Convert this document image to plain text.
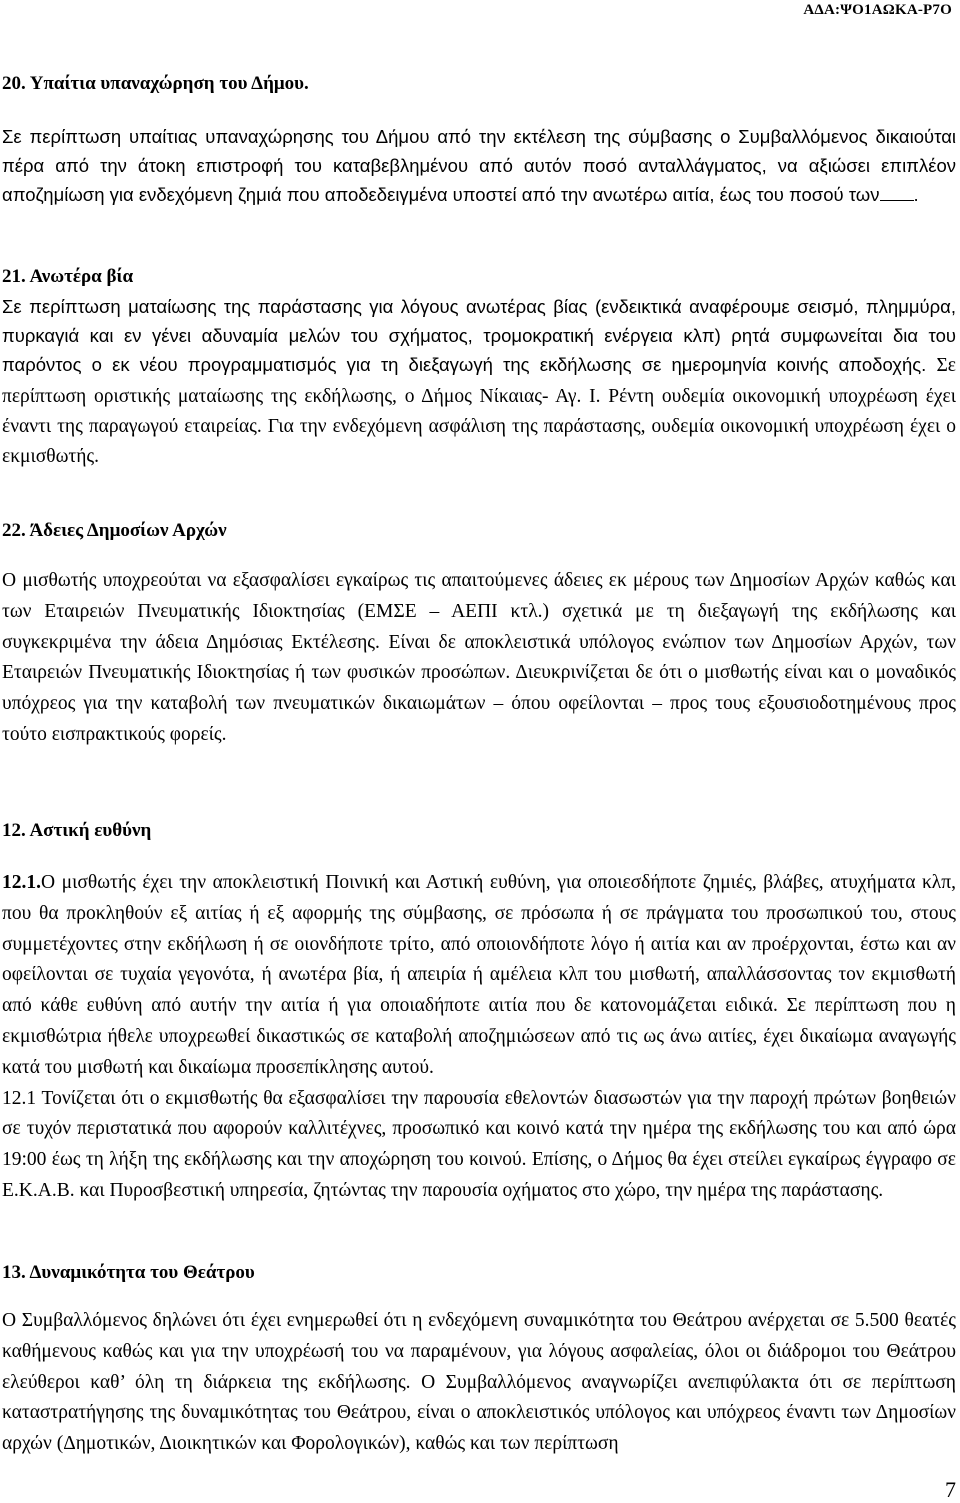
ΑΔΑ:ΨΟ1ΑΩΚΑ-Ρ7Ο
20. Υπαίτια υπαναχώρηση του Δήμου.
Σε περίπτωση υπαίτιας υπαναχώρησης του Δήμου από την εκτέλεση της σύμβασης ο Συμβαλλόμενος δικαιούται πέρα από την άτοκη επιστροφή του καταβεβλημένου από αυτόν ποσό ανταλλάγματος, να αξιώσει επιπλέον αποζημίωση για ενδεχόμενη ζημιά που αποδεδειγμένα υποστεί από την ανωτέρω αιτία, έως του ποσού των .
21. Ανωτέρα βία
Σε περίπτωση ματαίωσης της παράστασης για λόγους ανωτέρας βίας (ενδεικτικά αναφέρουμε σεισμό, πλημμύρα, πυρκαγιά και εν γένει αδυναμία μελών του σχήματος, τρομοκρατική ενέργεια κλπ) ρητά συμφωνείται δια του παρόντος ο εκ νέου προγραμματισμός για τη διεξαγωγή της εκδήλωσης σε ημερομηνία κοινής αποδοχής. Σε περίπτωση οριστικής ματαίωσης της εκδήλωσης, ο Δήμος Νίκαιας- Αγ. Ι. Ρέντη ουδεμία οικονομική υποχρέωση έχει έναντι της παραγωγού εταιρείας. Για την ενδεχόμενη ασφάλιση της παράστασης, ουδεμία οικονομική υποχρέωση έχει ο εκμισθωτής.
22. Άδειες Δημοσίων Αρχών
Ο μισθωτής υποχρεούται να εξασφαλίσει εγκαίρως τις απαιτούμενες άδειες εκ μέρους των Δημοσίων Αρχών καθώς και των Εταιρειών Πνευματικής Ιδιοκτησίας (ΕΜΣΕ – ΑΕΠΙ κτλ.) σχετικά με τη διεξαγωγή της εκδήλωσης και συγκεκριμένα την άδεια Δημόσιας Εκτέλεσης. Είναι δε αποκλειστικά υπόλογος ενώπιον των Δημοσίων Αρχών, των Εταιρειών Πνευματικής Ιδιοκτησίας ή των φυσικών προσώπων. Διευκρινίζεται δε ότι ο μισθωτής είναι και ο μοναδικός υπόχρεος για την καταβολή των πνευματικών δικαιωμάτων – όπου οφείλονται – προς τους εξουσιοδοτημένους προς τούτο εισπρακτικούς φορείς.
12. Αστική ευθύνη
12.1.Ο μισθωτής έχει την αποκλειστική Ποινική και Αστική ευθύνη, για οποιεσδήποτε ζημιές, βλάβες, ατυχήματα κλπ, που θα προκληθούν εξ αιτίας ή εξ αφορμής της σύμβασης, σε πρόσωπα ή σε πράγματα του προσωπικού του, στους συμμετέχοντες στην εκδήλωση ή σε οιονδήποτε τρίτο, από οποιονδήποτε λόγο ή αιτία και αν προέρχονται, έστω και αν οφείλονται σε τυχαία γεγονότα, ή ανωτέρα βία, ή απειρία ή αμέλεια κλπ του μισθωτή, απαλλάσσοντας τον εκμισθωτή από κάθε ευθύνη από αυτήν την αιτία ή για οποιαδήποτε αιτία που δε κατονομάζεται ειδικά. Σε περίπτωση που η εκμισθώτρια ήθελε υποχρεωθεί δικαστικώς σε καταβολή αποζημιώσεων από τις ως άνω αιτίες, έχει δικαίωμα αναγωγής κατά του μισθωτή και δικαίωμα προσεπίκλησης αυτού.
12.1 Τονίζεται ότι ο εκμισθωτής θα εξασφαλίσει την παρουσία εθελοντών διασωστών για την παροχή πρώτων βοηθειών σε τυχόν περιστατικά που αφορούν καλλιτέχνες, προσωπικό και κοινό κατά την ημέρα της εκδήλωσης του και από ώρα 19:00 έως τη λήξη της εκδήλωσης και την αποχώρηση του κοινού. Επίσης, ο Δήμος θα έχει στείλει εγκαίρως έγγραφο σε Ε.Κ.Α.Β. και Πυροσβεστική υπηρεσία, ζητώντας την παρουσία οχήματος στο χώρο, την ημέρα της παράστασης.
13. Δυναμικότητα του Θεάτρου
Ο Συμβαλλόμενος δηλώνει ότι έχει ενημερωθεί ότι η ενδεχόμενη συναμικότητα του Θεάτρου ανέρχεται σε 5.500 θεατές καθήμενους καθώς και για την υποχρέωσή του να παραμένουν, για λόγους ασφαλείας, όλοι οι διάδρομοι του Θεάτρου ελεύθεροι καθ’ όλη τη διάρκεια της εκδήλωσης. Ο Συμβαλλόμενος αναγνωρίζει ανεπιφύλακτα ότι σε περίπτωση καταστρατήγησης της δυναμικότητας του Θεάτρου, είναι ο αποκλειστικός υπόλογος και υπόχρεος έναντι των Δημοσίων αρχών (Δημοτικών, Διοικητικών και Φορολογικών), καθώς και των περίπτωση
7
